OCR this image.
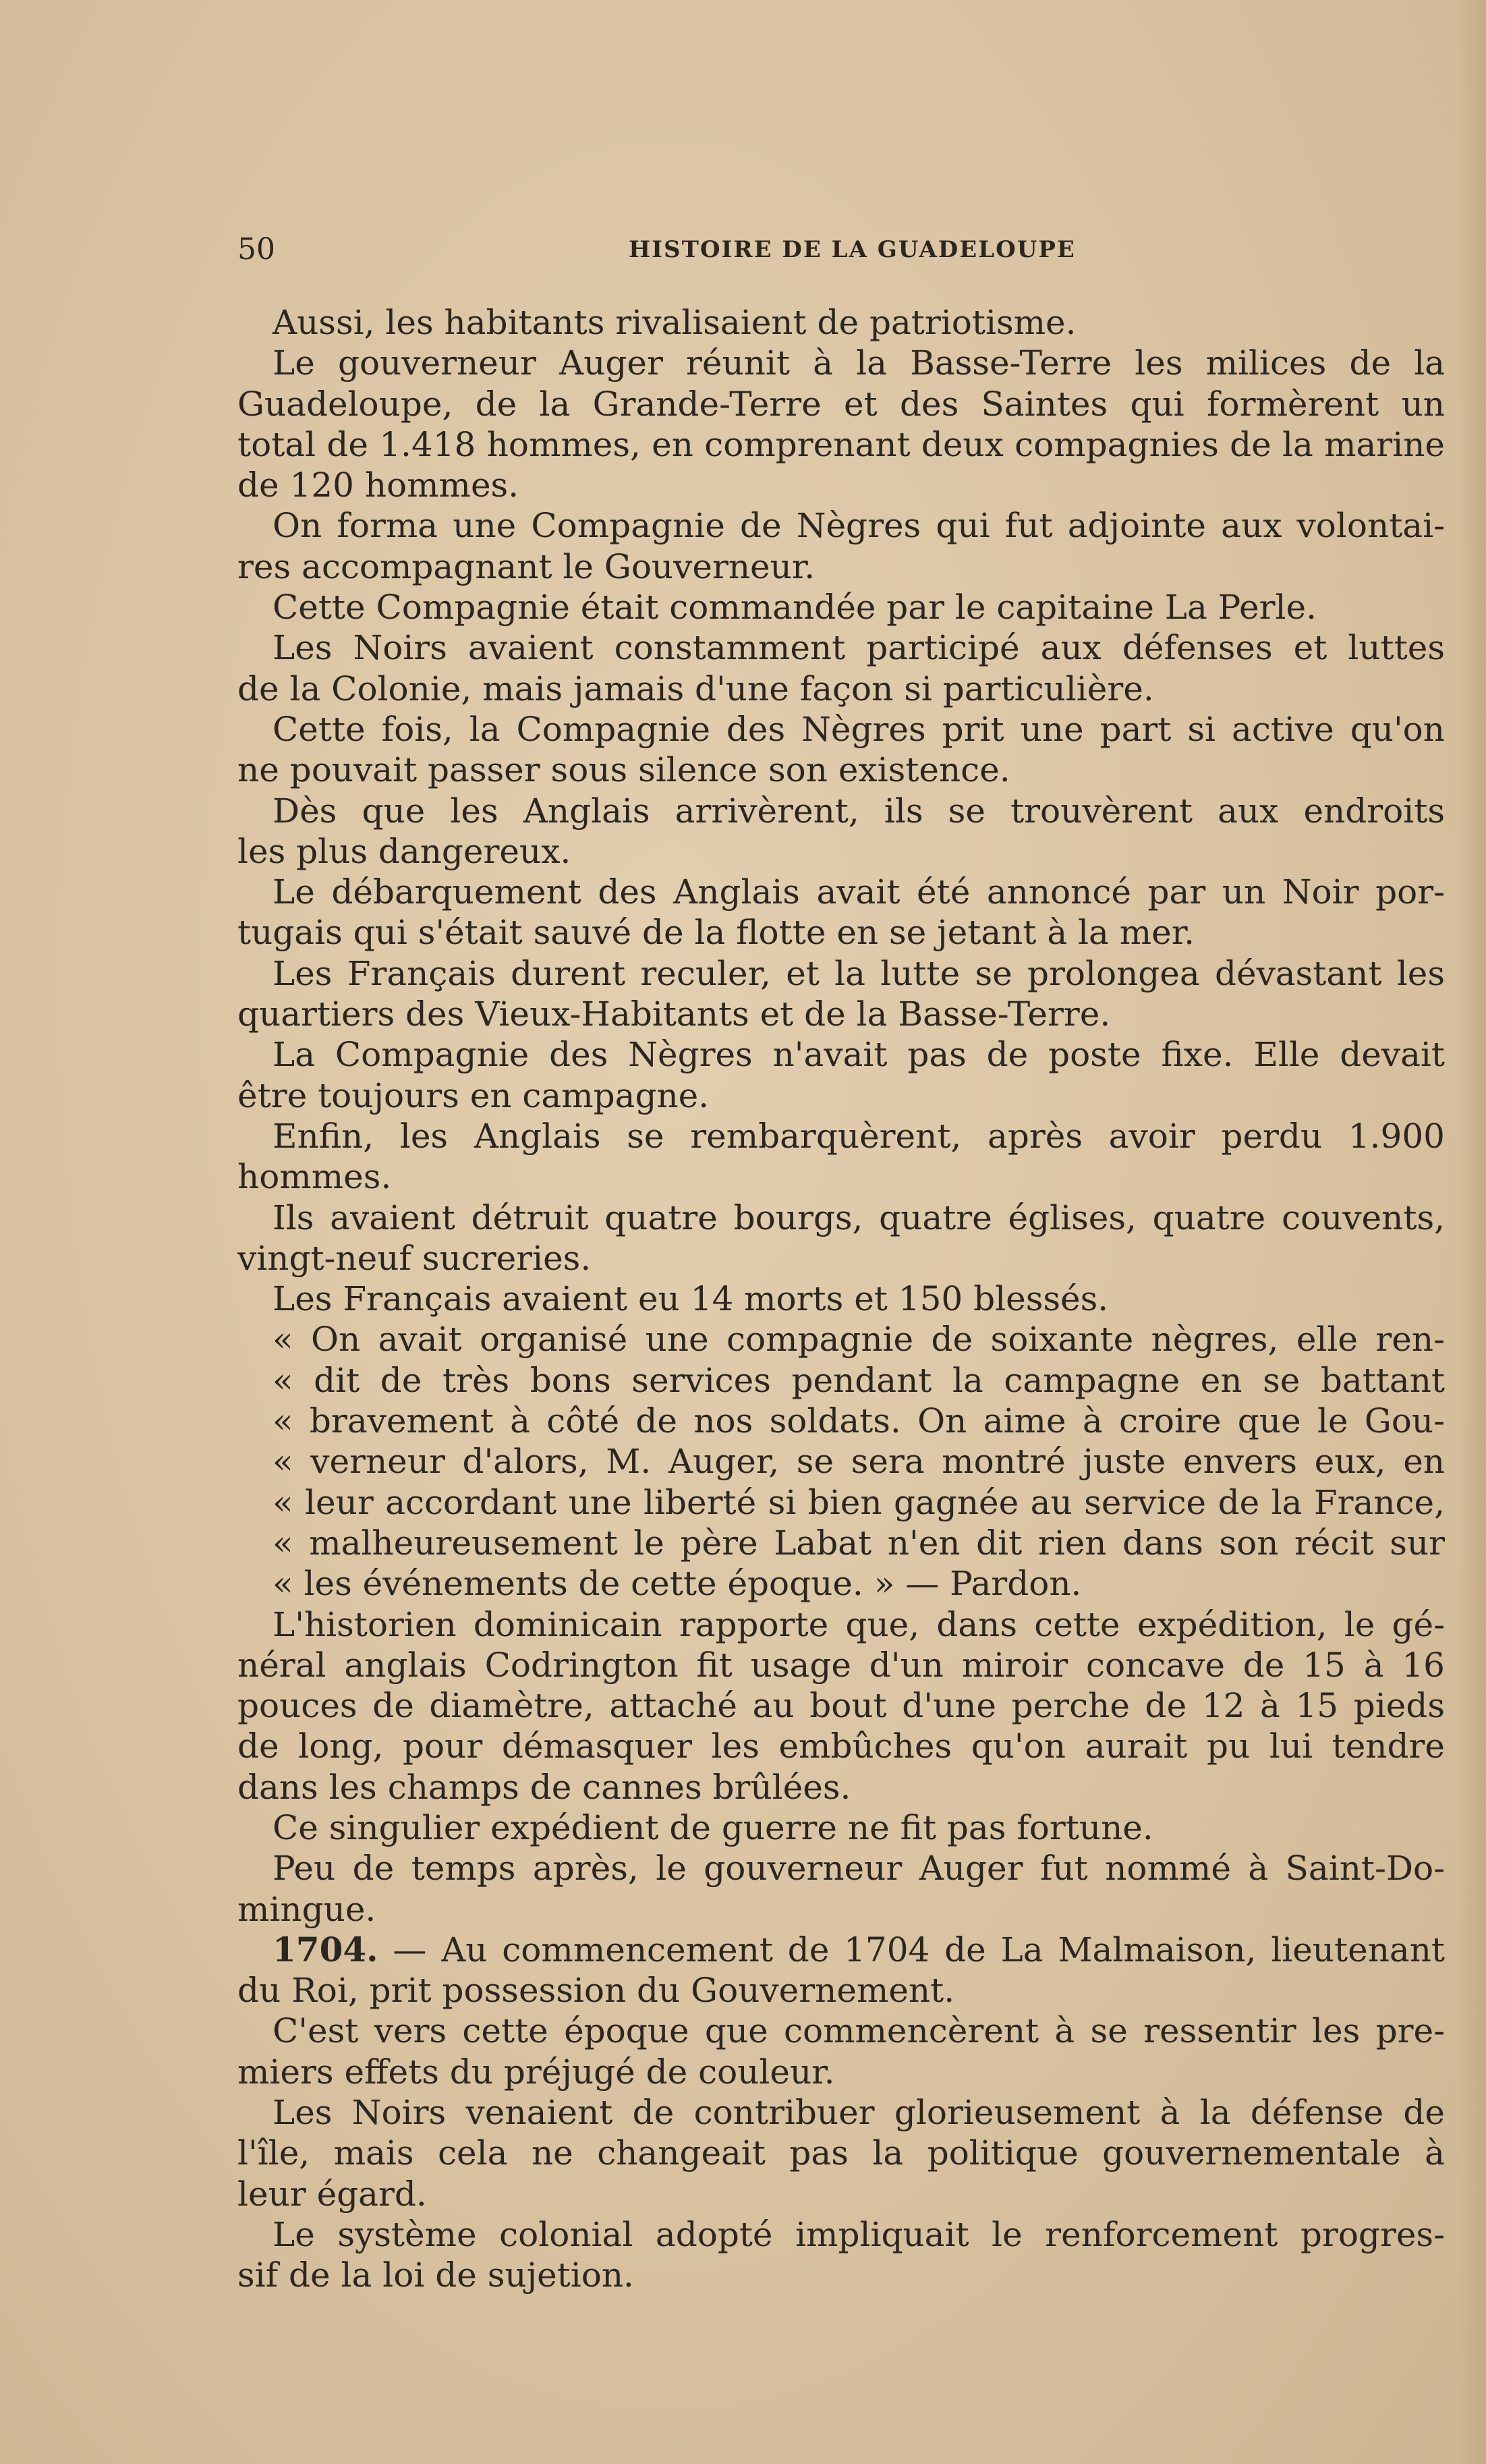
50	HISTOIRE DE LA GUADELOUPE
Aussi, les habitants rivalisaient de patriotisme.
Le gouverneur Auger réunit à la Basse-Terre les milices de la
Guadeloupe, de la Grande-Terre et des Saintes qui formèrent un
total de 1.418 hommes, en comprenant deux compagnies de la marine
de 120 hommes.
On forma une Compagnie de Nègres qui fut adjointe aux volontai-
res accompagnant le Gouverneur.
Cette Compagnie était commandée par le capitaine La Perle.
Les Noirs avaient constamment participé aux défenses et luttes
de la Colonie, mais jamais d'une façon si particulière.
Cette fois, la Compagnie des Nègres prit une part si active qu'on
ne pouvait passer sous silence son existence.
Dès que les Anglais arrivèrent, ils se trouvèrent aux endroits
les plus dangereux.
Le débarquement des Anglais avait été annoncé par un Noir por-
tugais qui s'était sauvé de la flotte en se jetant à la mer.
Les Français durent reculer, et la lutte se prolongea dévastant les
quartiers des Vieux-Habitants et de la Basse-Terre.
La Compagnie des Nègres n'avait pas de poste fixe. Elle devait
être toujours en campagne.
Enfin, les Anglais se rembarquèrent, après avoir perdu 1.900
hommes.
Ils avaient détruit quatre bourgs, quatre églises, quatre couvents,
vingt-neuf sucreries.
Les Français avaient eu 14 morts et 150 blessés.
« On avait organisé une compagnie de soixante nègres, elle ren-
« dit de très bons services pendant la campagne en se battant
« bravement à côté de nos soldats. On aime à croire que le Gou-
« verneur d'alors, M. Auger, se sera montré juste envers eux, en
« leur accordant une liberté si bien gagnée au service de la France,
« malheureusement le père Labat n'en dit rien dans son récit sur
« les événements de cette époque. » — Pardon.
L'historien dominicain rapporte que, dans cette expédition, le gé-
néral anglais Codrington fit usage d'un miroir concave de 15 à 16
pouces de diamètre, attaché au bout d'une perche de 12 à 15 pieds
de long, pour démasquer les embûches qu'on aurait pu lui tendre
dans les champs de cannes brûlées.
Ce singulier expédient de guerre ne fit pas fortune.
Peu de temps après, le gouverneur Auger fut nommé à Saint-Do-
mingue.
1704. — Au commencement de 1704 de La Malmaison, lieutenant
du Roi, prit possession du Gouvernement.
C'est vers cette époque que commencèrent à se ressentir les pre-
miers effets du préjugé de couleur.
Les Noirs venaient de contribuer glorieusement à la défense de
l'île, mais cela ne changeait pas la politique gouvernementale à
leur égard.
Le système colonial adopté impliquait le renforcement progres-
sif de la loi de sujetion.
